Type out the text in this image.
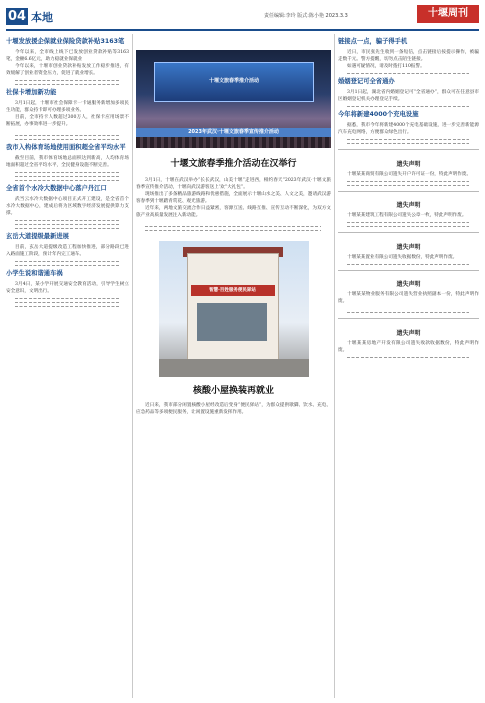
04 本地	责任编辑:李玲 版式:陈小艳 2023.3.3	十堰周刊
十堰发放援企保就业保险贷款补贴3163笔
今年以来，全市线上线下已发放创业贷款补贴等3163笔，金额6.6亿元，助力稳就业保就业
今年以来，十堰市创业贷款补贴发放工作稳步推进，有效缓解了创业者资金压力，促进了就业增长。
社保卡增加新功能
3月1日起，十堰市社会保障卡一卡通服务新增加多项民生功能，群众持卡即可办理多项业务。
目前，全市持卡人数超过300万人，社保卡应用场景不断拓展，办事效率进一步提升。
我市入构体育场地使用面积超全省平均水平
截至目前，我市体育场地总面积达到新高，人均体育场地面积超过全省平均水平，全民健身设施不断完善。
全省首个水冷大数据中心落户丹江口
武当云水冷大数据中心项目正式开工建设，是全省首个水冷大数据中心，建成后将为区域数字经济发展提供算力支撑。
玄岳大道提级最新进展
目前，玄岳大道提级改造工程加快推进，部分路段已进入路面施工阶段，预计年内完工通车。
小学生说和谐通车祸
3月4日，某小学开展交通安全教育活动，引导学生树立安全意识，文明出行。
十堰文旅春季推介活动
2023年武汉·十堰文旅春季宣传推介活动
十堰文旅春季推介活动在汉举行
3月1日，十堰在武汉举办“长长武汉，山美十堰”走进西，相约春天“2023年武汉·十堰文旅春季宣传推介活动，十堰向武汉游客送上‘欢“大礼包”。
现场推出了多条精品旅游线路和优惠措施，全面展示十堰山水之美、人文之美，邀请武汉游客春季到十堰踏青赏花、观光旅游。
近年来，两地文旅交流合作日益紧密，客源互送、线路互推、宣传互动不断深化，为双方文旅产业高质量发展注入新动能。
智慧·百姓服务便民驿站
核酸小屋换装再就业
近日来，我市部分闲置核酸小屋经改造后变身“便民驿站”，为群众提供歇脚、饮水、充电、应急药品等多项便民服务，让闲置设施重新发挥作用。
链接点一点，骗子得手机
近日，市民张先生收到一条短信，点击链接后按提示操作，被骗走数千元。警方提醒，切勿点击陌生链接。
如遇可疑情况，请及时拨打110报警。
婚姻登记可全省通办
3月1日起，湖北省内婚姻登记可“全省通办”，群众可在任意县市区婚姻登记机关办理登记手续。
今年将新建4000个充电设施
据悉，我市今年将新建4000个充电基础设施，进一步完善新能源汽车充电网络，方便群众绿色出行。
遗失声明
十堰某某商贸有限公司遗失开户许可证一份，特此声明作废。
遗失声明
十堰某某建筑工程有限公司遗失公章一枚，特此声明作废。
遗失声明
十堰某某置业有限公司遗失收据数份，特此声明作废。
遗失声明
十堰某某物业服务有限公司遗失营业执照副本一份，特此声明作废。
遗失声明
十堰某某房地产开发有限公司遗失收款收据数份，特此声明作废。
